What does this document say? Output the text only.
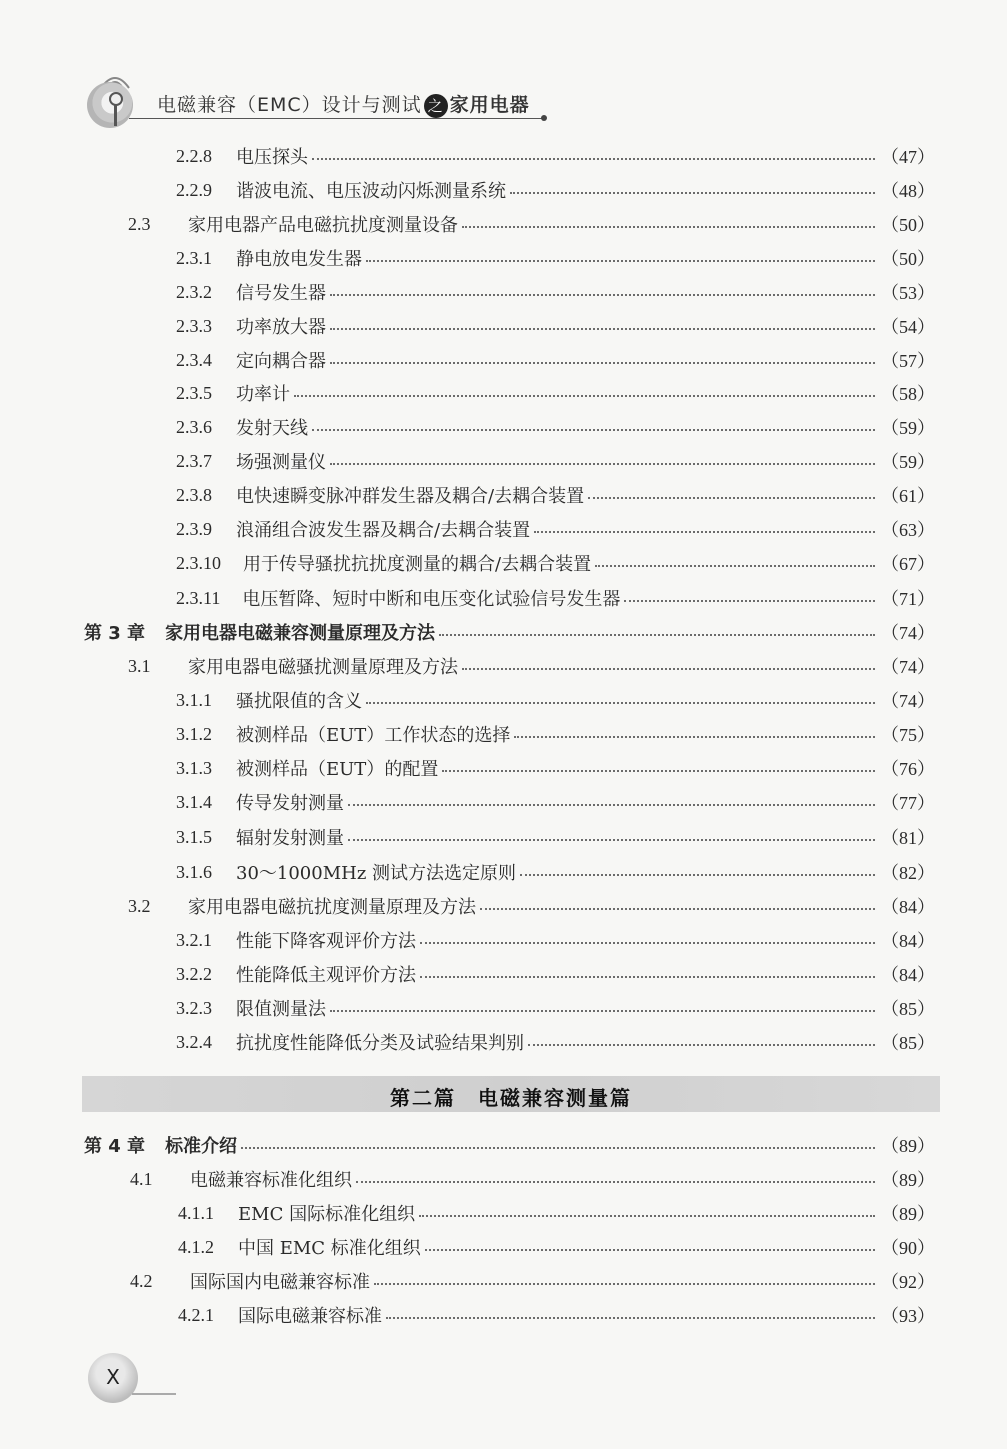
电磁兼容（EMC）设计与测试 之 家用电器
2.2.8 电压探头	（47）
2.2.9 谐波电流、电压波动闪烁测量系统	（48）
2.3	家用电器产品电磁抗扰度测量设备	（50）
2.3.1 静电放电发生器	（50）
2.3.2 信号发生器	（53）
2.3.3 功率放大器	（54）
2.3.4 定向耦合器	（57）
2.3.5 功率计	（58）
2.3.6 发射天线	（59）
2.3.7 场强测量仪	（59）
2.3.8 电快速瞬变脉冲群发生器及耦合/去耦合装置	（61）
2.3.9 浪涌组合波发生器及耦合/去耦合装置	（63）
2.3.10 用于传导骚扰抗扰度测量的耦合/去耦合装置	（67）
2.3.11 电压暂降、短时中断和电压变化试验信号发生器	（71）
第 3 章 家用电器电磁兼容测量原理及方法	（74）
3.1	家用电器电磁骚扰测量原理及方法	（74）
3.1.1 骚扰限值的含义	（74）
3.1.2 被测样品（EUT）工作状态的选择	（75）
3.1.3 被测样品（EUT）的配置	（76）
3.1.4 传导发射测量	（77）
3.1.5 辐射发射测量	（81）
3.1.6 30～1000MHz 测试方法选定原则	（82）
3.2	家用电器电磁抗扰度测量原理及方法	（84）
3.2.1 性能下降客观评价方法	（84）
3.2.2 性能降低主观评价方法	（84）
3.2.3 限值测量法	（85）
3.2.4 抗扰度性能降低分类及试验结果判别	（85）
第二篇　电磁兼容测量篇
第 4 章 标准介绍	（89）
4.1	电磁兼容标准化组织	（89）
4.1.1 EMC 国际标准化组织	（89）
4.1.2 中国 EMC 标准化组织	（90）
4.2	国际国内电磁兼容标准	（92）
4.2.1 国际电磁兼容标准	（93）
X
